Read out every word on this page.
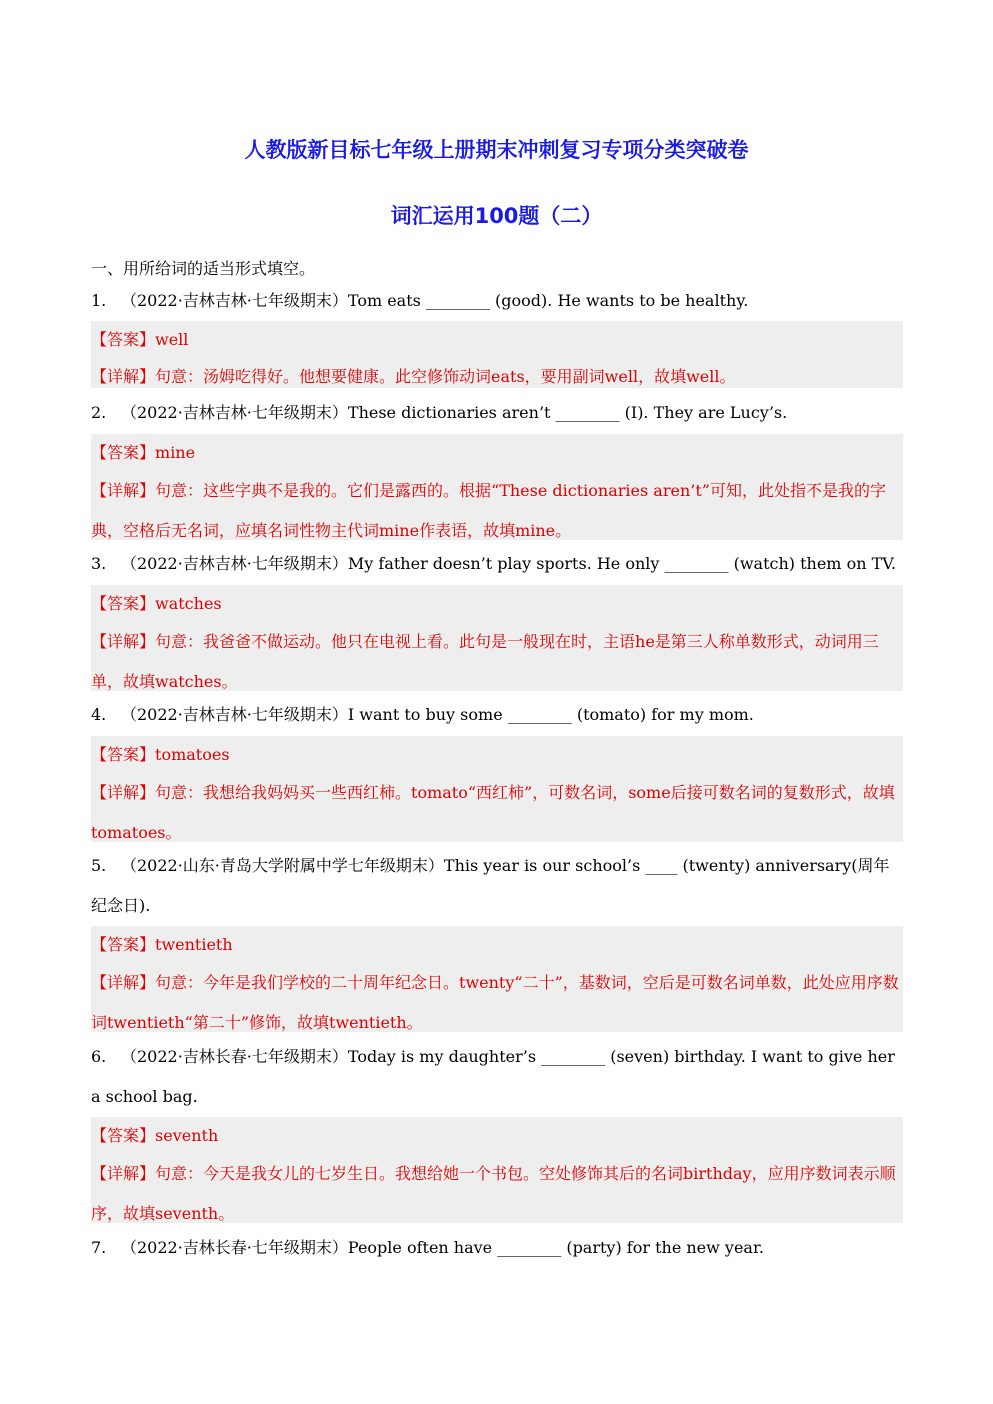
人教版新目标七年级上册期末冲刺复习专项分类突破卷
词汇运用100题（二）
一、用所给词的适当形式填空。
1. （2022·吉林吉林·七年级期末）Tom eats ________ (good). He wants to be healthy.
【答案】well
【详解】句意：汤姆吃得好。他想要健康。此空修饰动词eats，要用副词well，故填well。
2. （2022·吉林吉林·七年级期末）These dictionaries aren’t ________ (I). They are Lucy’s.
【答案】mine
【详解】句意：这些字典不是我的。它们是露西的。根据“These dictionaries aren’t”可知，此处指不是我的字典，空格后无名词，应填名词性物主代词mine作表语，故填mine。
3. （2022·吉林吉林·七年级期末）My father doesn’t play sports. He only ________ (watch) them on TV.
【答案】watches
【详解】句意：我爸爸不做运动。他只在电视上看。此句是一般现在时，主语he是第三人称单数形式，动词用三单，故填watches。
4. （2022·吉林吉林·七年级期末）I want to buy some ________ (tomato) for my mom.
【答案】tomatoes
【详解】句意：我想给我妈妈买一些西红柿。tomato“西红柿”，可数名词，some后接可数名词的复数形式，故填tomatoes。
5. （2022·山东·青岛大学附属中学七年级期末）This year is our school’s ____ (twenty) anniversary(周年纪念日).
【答案】twentieth
【详解】句意：今年是我们学校的二十周年纪念日。twenty“二十”，基数词，空后是可数名词单数，此处应用序数词twentieth“第二十”修饰，故填twentieth。
6. （2022·吉林长春·七年级期末）Today is my daughter’s ________ (seven) birthday. I want to give her a school bag.
【答案】seventh
【详解】句意：今天是我女儿的七岁生日。我想给她一个书包。空处修饰其后的名词birthday，应用序数词表示顺序，故填seventh。
7. （2022·吉林长春·七年级期末）People often have ________ (party) for the new year.
